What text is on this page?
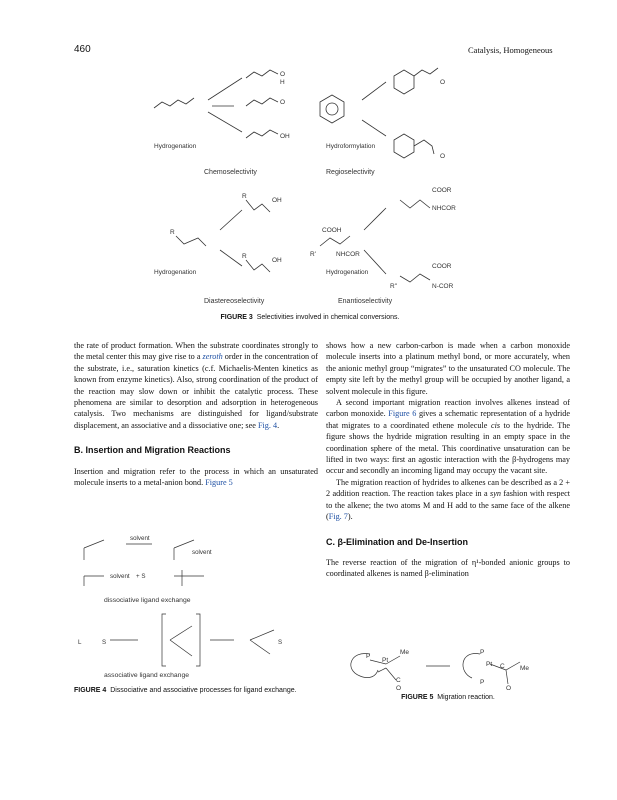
460	Catalysis, Homogeneous
O
H
O
OH
O
O
R
R
OH
R
OH
COOH
NHCOR
R'
COOR
NHCOR
COOR
N-COR
R"
Hydrogenation	Hydroformylation
Hydrogenation	Hydrogenation
Chemoselectivity	Regioselectivity
Diastereoselectivity	Enantioselectivity
FIGURE 3 Selectivities involved in chemical conversions.

the rate of product formation. When the substrate coordinates strongly to the metal center this may give rise to a zeroth order in the concentration of the substrate, i.e., saturation kinetics (c.f. Michaelis-Menten kinetics as known from enzyme kinetics). Also, strong coordination of the product of the reaction may slow down or inhibit the catalytic process. These phenomena are similar to desorption and adsorption in heterogeneous catalysis. Two mechanisms are distinguished for ligand/substrate displacement, an associative and a dissociative one; see Fig. 4.

B. Insertion and Migration Reactions

Insertion and migration refer to the process in which an unsaturated molecule inserts to a metal-anion bond. Figure 5

solvent
solvent
solvent + S
L	S	S
dissociative ligand exchange
associative ligand exchange
FIGURE 4 Dissociative and associative processes for ligand exchange.

shows how a new carbon-carbon is made when a carbon monoxide molecule inserts into a platinum methyl bond, or more accurately, when the anionic methyl group “migrates” to the unsaturated CO molecule. The empty site left by the methyl group will be occupied by another ligand, a solvent molecule in this figure.

A second important migration reaction involves alkenes instead of carbon monoxide. Figure 6 gives a schematic representation of a hydride that migrates to a coordinated ethene molecule cis to the hydride. The figure shows the hydride migration resulting in an empty space in the coordination sphere of the metal. This coordinative unsaturation can be lifted in two ways: first an agostic interaction with the β-hydrogens may occur and secondly an incoming ligand may occupy the vacant site.

The migration reaction of hydrides to alkenes can be described as a 2 + 2 addition reaction. The reaction takes place in a syn fashion with respect to the alkene; the two atoms M and H add to the same face of the alkene (Fig. 7).

C. β-Elimination and De-Insertion

The reverse reaction of the migration of η¹-bonded anionic groups to coordinated alkenes is named β-elimination

P
Pt
Me
C
O
P
Pt
Me
C
O
P
FIGURE 5 Migration reaction.
